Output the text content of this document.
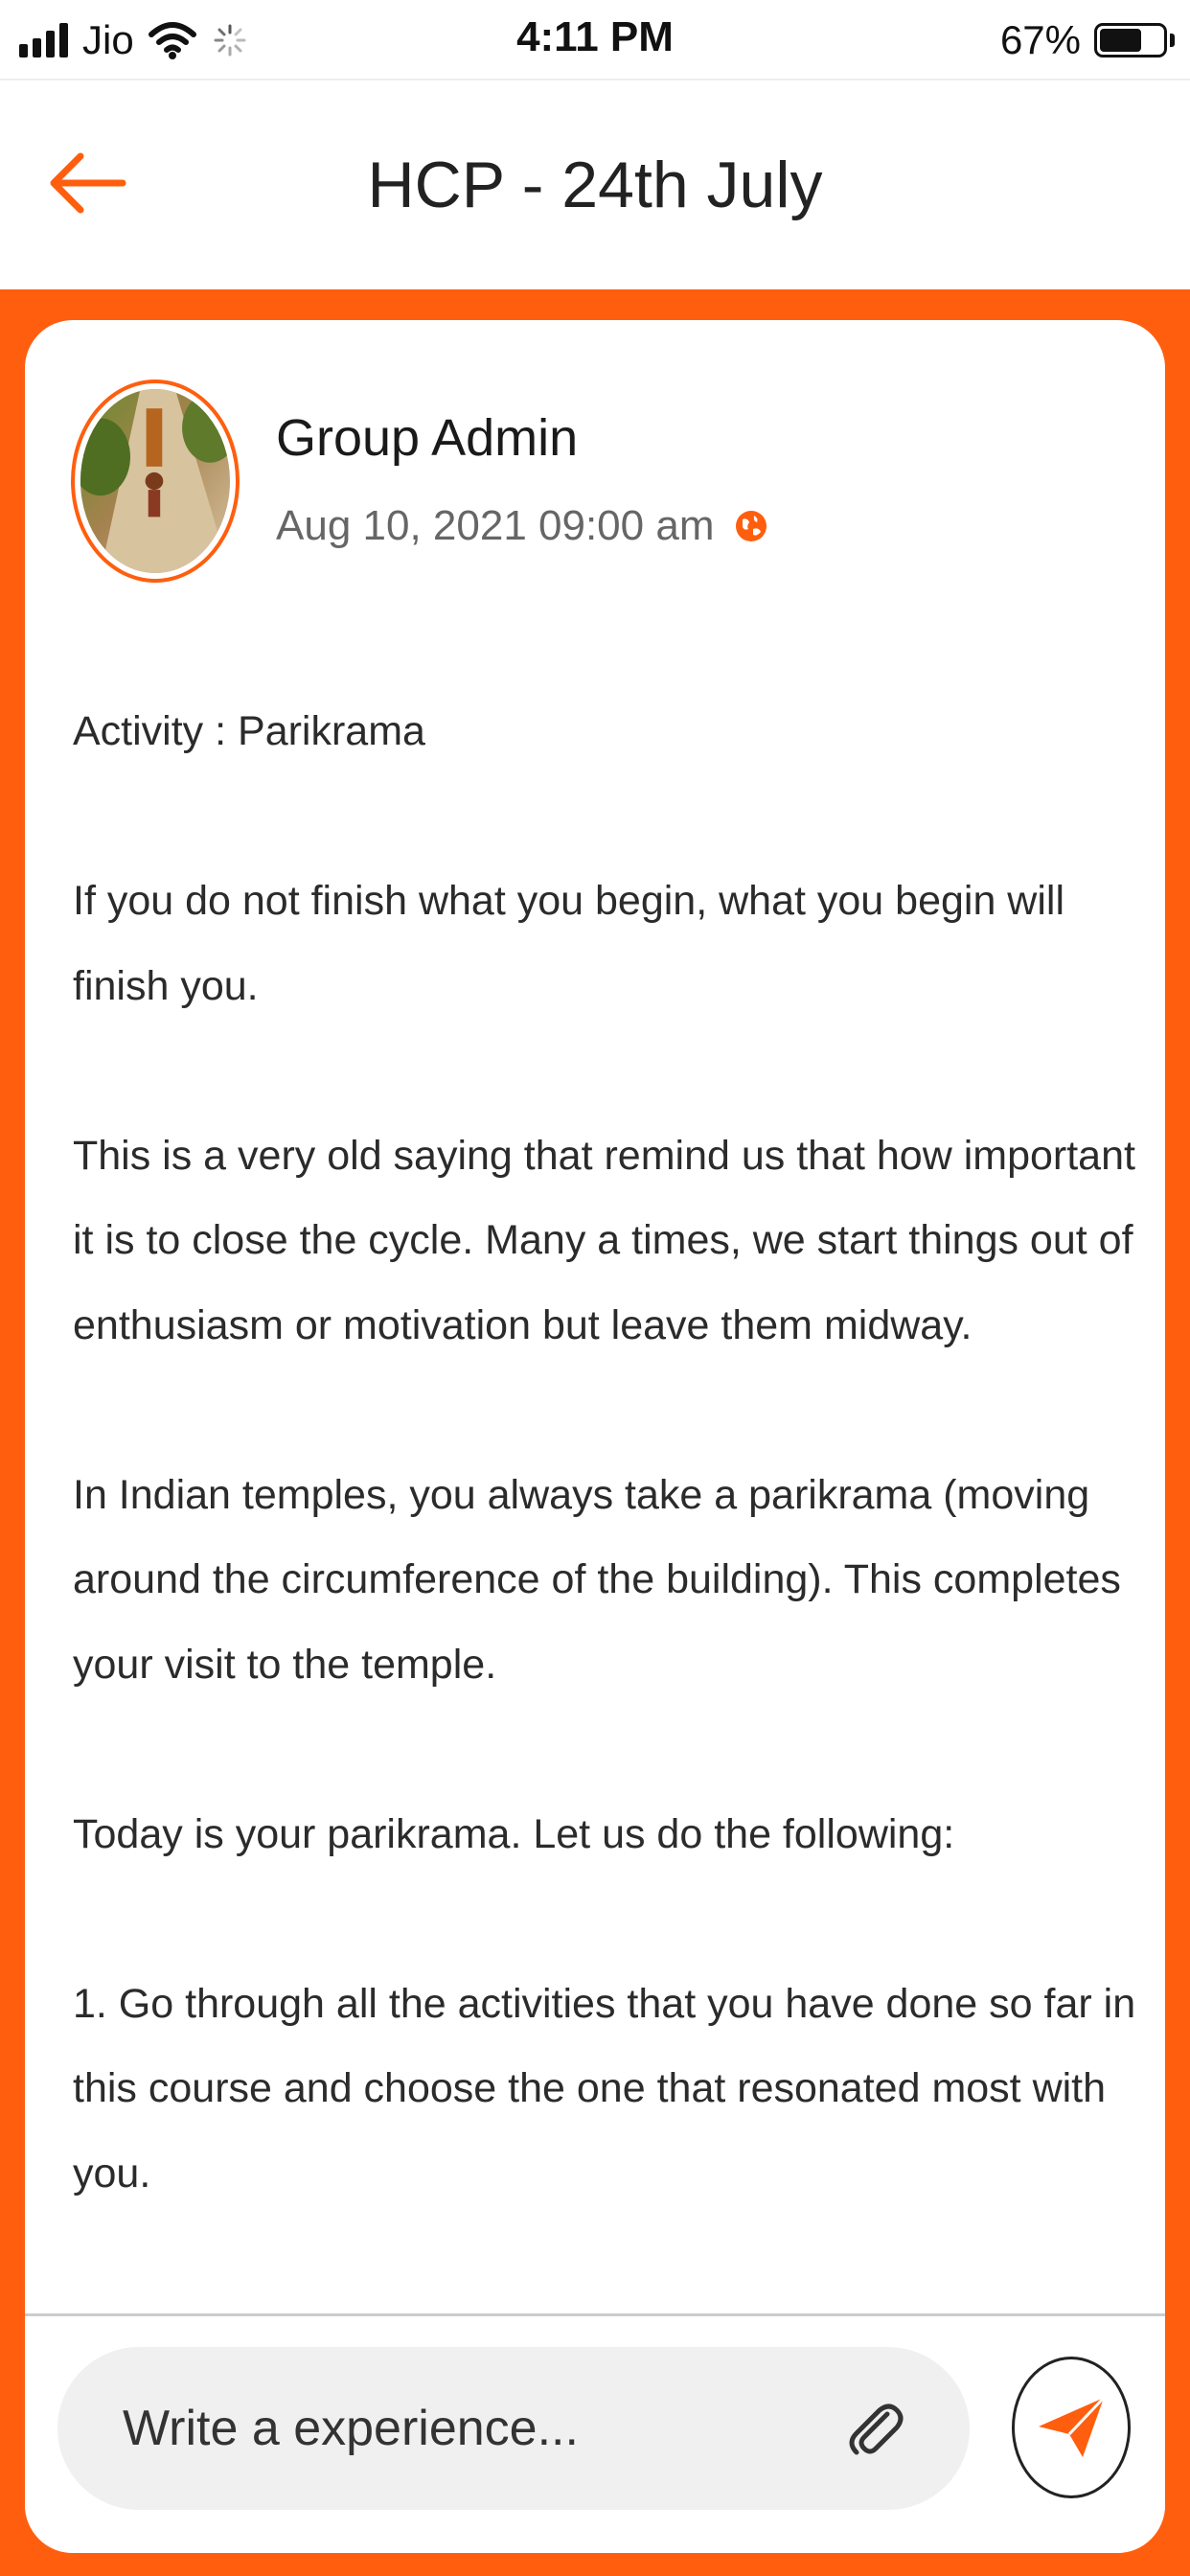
Jio	4:11 PM	67%
HCP - 24th July
Group Admin
Aug 10, 2021 09:00 am

Activity : Parikrama

If you do not finish what you begin, what you begin will finish you.

This is a very old saying that remind us that how important it is to close the cycle. Many a times, we start things out of enthusiasm or motivation but leave them midway.

In Indian temples, you always take a parikrama (moving around the circumference of the building). This completes your visit to the temple.

Today is your parikrama. Let us do the following:

1. Go through all the activities that you have done so far in this course and choose the one that resonated most with you.

Write a experience...
